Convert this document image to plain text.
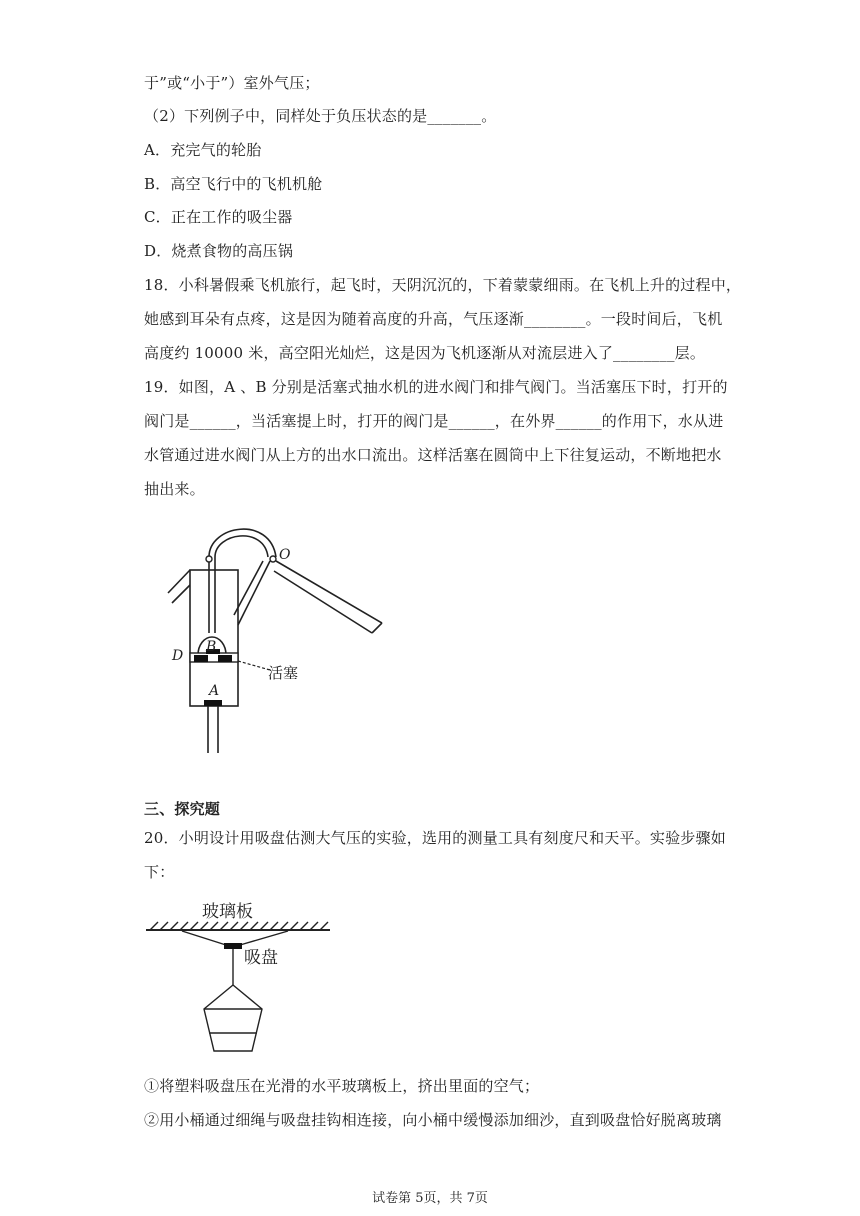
于”或“小于”）室外气压；
（2）下列例子中，同样处于负压状态的是_______。
A．充完气的轮胎
B．高空飞行中的飞机机舱
C．正在工作的吸尘器
D．烧煮食物的高压锅
18．小科暑假乘飞机旅行，起飞时，天阴沉沉的，下着蒙蒙细雨。在飞机上升的过程中，
她感到耳朵有点疼，这是因为随着高度的升高，气压逐渐________。一段时间后，飞机
高度约 10000 米，高空阳光灿烂，这是因为飞机逐渐从对流层进入了________层。
19．如图，A 、B 分别是活塞式抽水机的进水阀门和排气阀门。当活塞压下时，打开的
阀门是______，当活塞提上时，打开的阀门是______，在外界______的作用下，水从进
水管通过进水阀门从上方的出水口流出。这样活塞在圆筒中上下往复运动，不断地把水
抽出来。
O
B
D
A
活塞
三、探究题
20．小明设计用吸盘估测大气压的实验，选用的测量工具有刻度尺和天平。实验步骤如
下：
玻璃板
吸盘
①将塑料吸盘压在光滑的水平玻璃板上，挤出里面的空气；
②用小桶通过细绳与吸盘挂钩相连接，向小桶中缓慢添加细沙，直到吸盘恰好脱离玻璃
试卷第 5页，共 7页
